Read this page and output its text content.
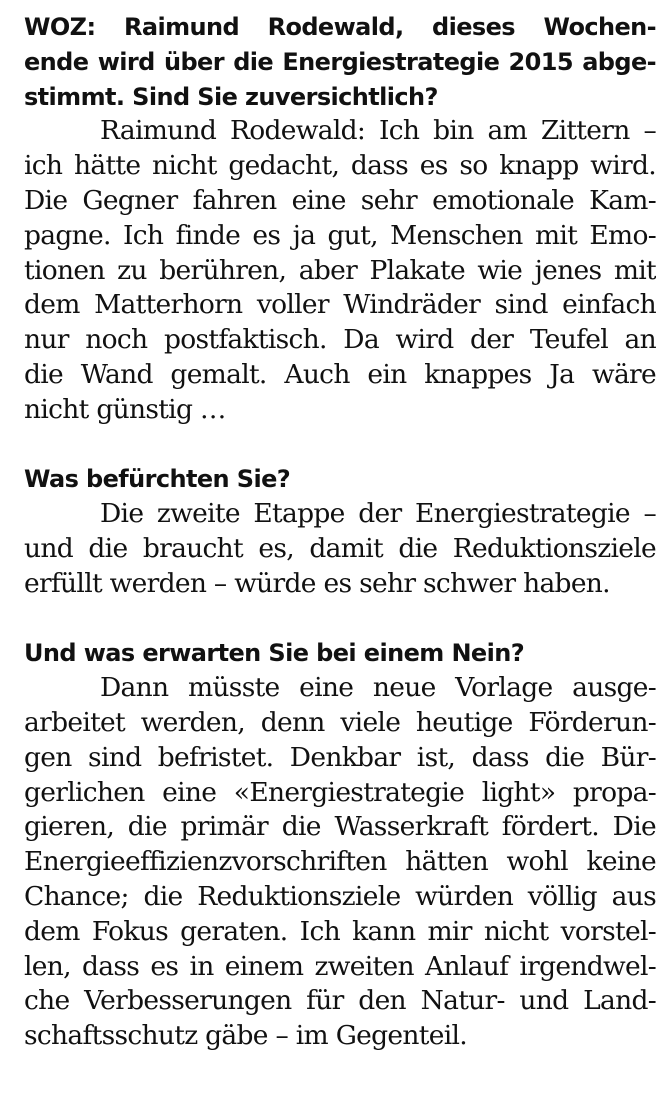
WOZ: Raimund Rodewald, dieses Wochen-
ende wird über die Energiestrategie 2015 abge-
stimmt. Sind Sie zuversichtlich?
Raimund Rodewald: Ich bin am Zittern –
ich hätte nicht gedacht, dass es so knapp wird.
Die Gegner fahren eine sehr emotionale Kam-
pagne. Ich finde es ja gut, Menschen mit Emo-
tionen zu berühren, aber Plakate wie jenes mit
dem Matterhorn voller Windräder sind einfach
nur noch postfaktisch. Da wird der Teufel an
die Wand gemalt. Auch ein knappes Ja wäre
nicht günstig …
Was befürchten Sie?
Die zweite Etappe der Energiestrategie –
und die braucht es, damit die Reduktionsziele
erfüllt werden – würde es sehr schwer haben.
Und was erwarten Sie bei einem Nein?
Dann müsste eine neue Vorlage ausge-
arbeitet werden, denn viele heutige Förderun-
gen sind befristet. Denkbar ist, dass die Bür-
gerlichen eine «Energiestrategie light» propa-
gieren, die primär die Wasserkraft fördert. Die
Energieeffizienzvorschriften hätten wohl keine
Chance; die Reduktionsziele würden völlig aus
dem Fokus geraten. Ich kann mir nicht vorstel-
len, dass es in einem zweiten Anlauf irgendwel-
che Verbesserungen für den Natur- und Land-
schaftsschutz gäbe – im Gegenteil.
